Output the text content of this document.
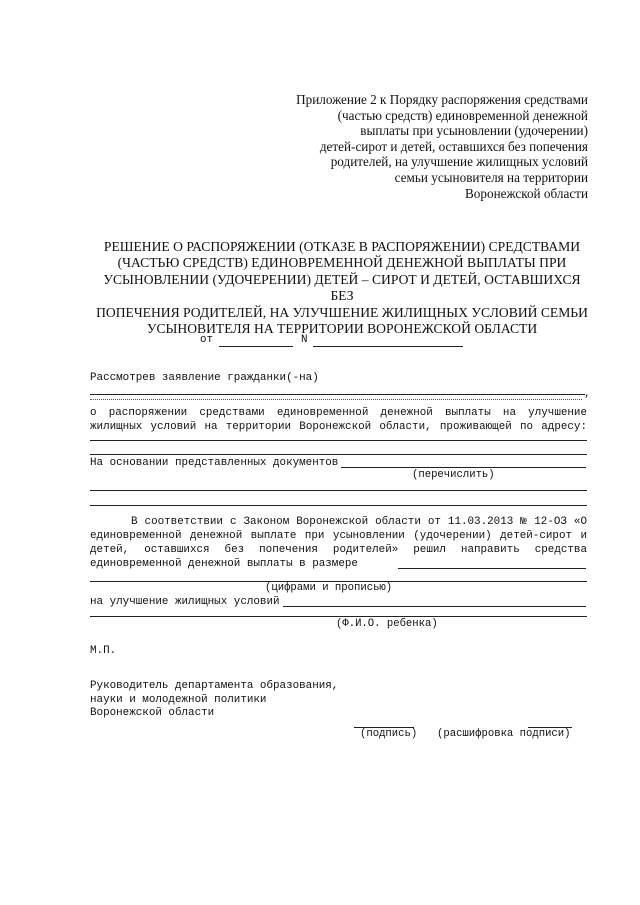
Приложение 2 к Порядку распоряжения средствами
(частью средств) единовременной денежной
выплаты при усыновлении (удочерении)
детей-сирот и детей, оставшихся без попечения
родителей, на улучшение жилищных условий
семьи усыновителя на территории
Воронежской области
РЕШЕНИЕ О РАСПОРЯЖЕНИИ (ОТКАЗЕ В РАСПОРЯЖЕНИИ) СРЕДСТВАМИ
(ЧАСТЬЮ СРЕДСТВ) ЕДИНОВРЕМЕННОЙ ДЕНЕЖНОЙ ВЫПЛАТЫ ПРИ
УСЫНОВЛЕНИИ (УДОЧЕРЕНИИ) ДЕТЕЙ – СИРОТ И ДЕТЕЙ, ОСТАВШИХСЯ БЕЗ
ПОПЕЧЕНИЯ РОДИТЕЛЕЙ, НА УЛУЧШЕНИЕ ЖИЛИЩНЫХ УСЛОВИЙ СЕМЬИ
УСЫНОВИТЕЛЯ НА ТЕРРИТОРИИ ВОРОНЕЖСКОЙ ОБЛАСТИ
от	N
Рассмотрев заявление гражданки(-на)
,
о распоряжении средствами единовременной денежной выплаты на улучшение
жилищных условий на территории Воронежской области, проживающей по адресу:
На основании представленных документов
(перечислить)
В соответствии с Законом Воронежской области от 11.03.2013 № 12-ОЗ «О
единовременной денежной выплате при усыновлении (удочерении) детей-сирот и
детей, оставшихся без попечения родителей» решил направить средства
единовременной денежной выплаты в размере
(цифрами и прописью)
на улучшение жилищных условий
(Ф.И.О. ребенка)
М.П.
Руководитель департамента образования,
науки и молодежной политики
Воронежской области
(подпись) (расшифровка подписи)
